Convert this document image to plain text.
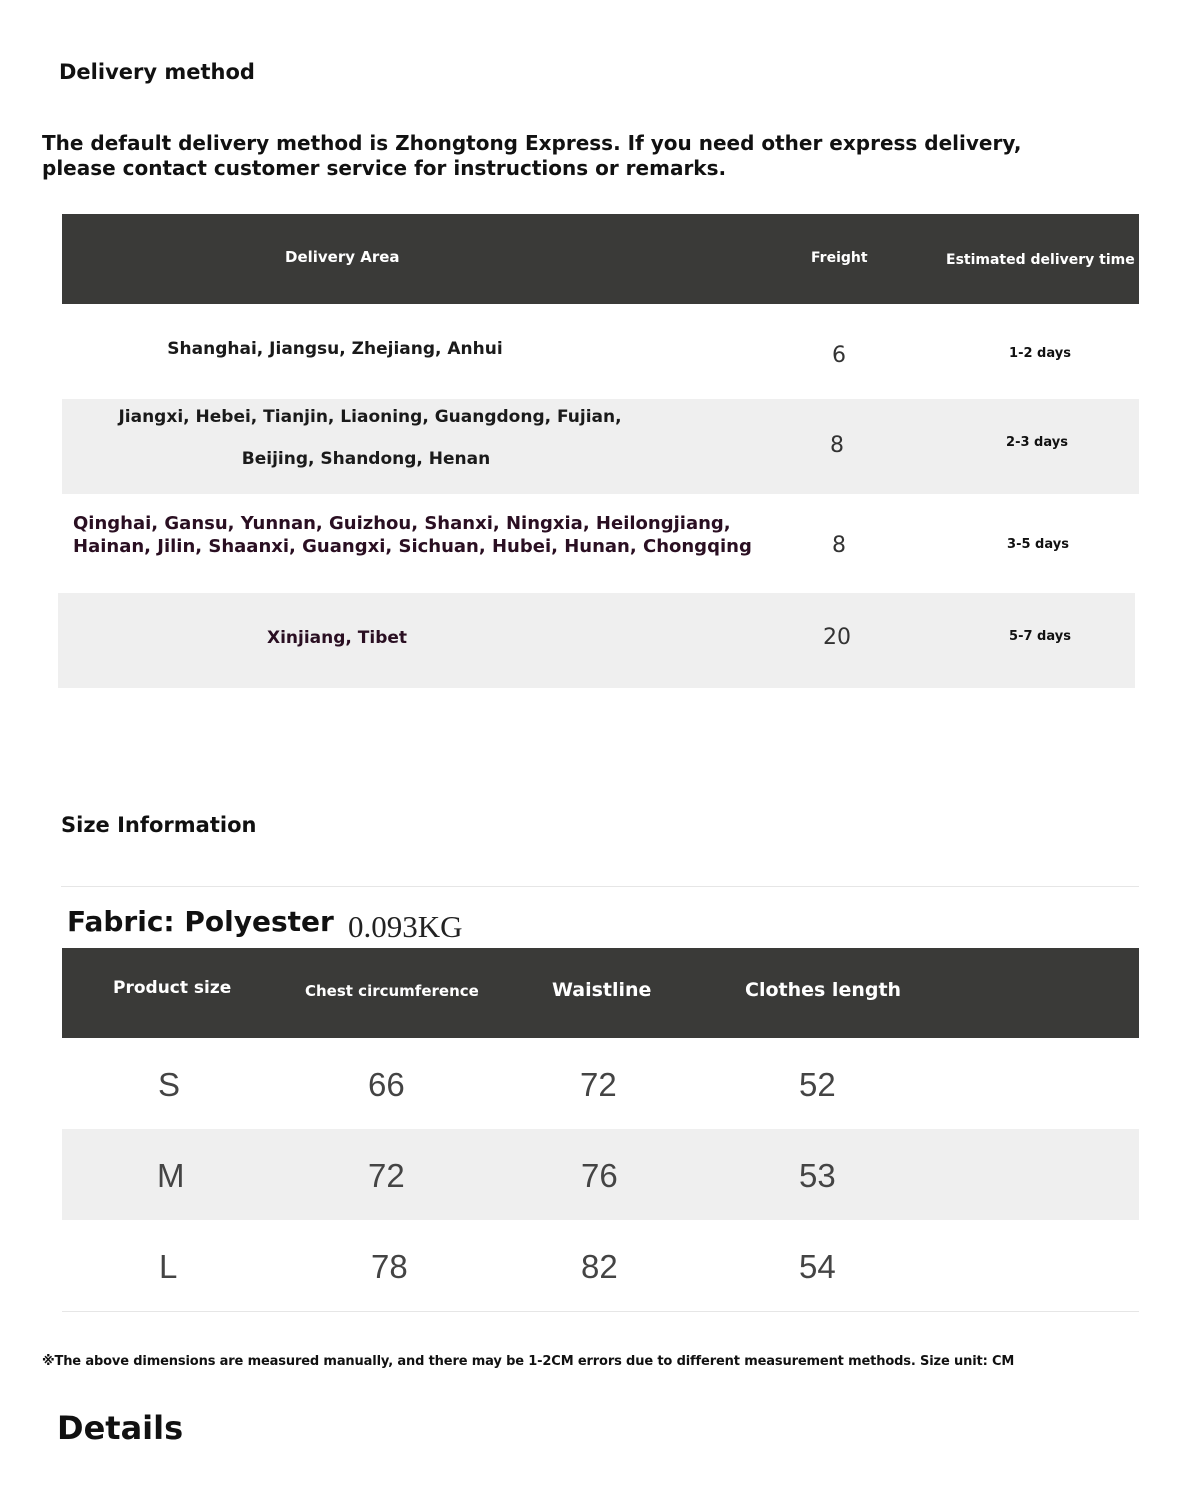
Delivery method
The default delivery method is Zhongtong Express. If you need other express delivery,
please contact customer service for instructions or remarks.
Delivery Area	Freight	Estimated delivery time
Shanghai, Jiangsu, Zhejiang, Anhui	6	1-2 days
Jiangxi, Hebei, Tianjin, Liaoning, Guangdong, Fujian,
Beijing, Shandong, Henan
8	2-3 days
Qinghai, Gansu, Yunnan, Guizhou, Shanxi, Ningxia, Heilongjiang,
Hainan, Jilin, Shaanxi, Guangxi, Sichuan, Hubei, Hunan, Chongqing	8	3-5 days
Xinjiang, Tibet	20	5-7 days
Size Information
Fabric: Polyester 0.093KG
Product size	Chest circumference	Waistline	Clothes length
S	66	72	52
M	72	76	53
L	78	82	54
※The above dimensions are measured manually, and there may be 1-2CM errors due to different measurement methods. Size unit: CM
Details
